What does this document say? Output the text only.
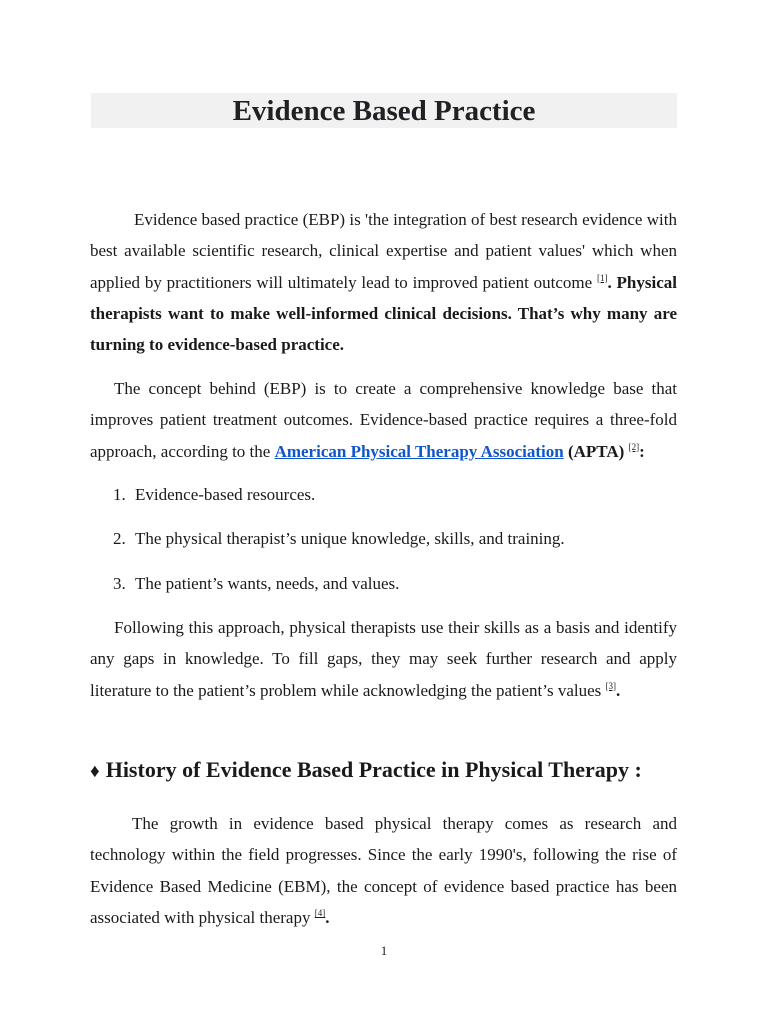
Evidence Based Practice

Evidence based practice (EBP) is 'the integration of best research evidence with best available scientific research, clinical expertise and patient values' which when applied by practitioners will ultimately lead to improved patient outcome [1]. Physical therapists want to make well-informed clinical decisions. That’s why many are turning to evidence-based practice.

The concept behind (EBP) is to create a comprehensive knowledge base that improves patient treatment outcomes. Evidence-based practice requires a three-fold approach, according to the American Physical Therapy Association (APTA) [2]:

1. Evidence-based resources.
2. The physical therapist’s unique knowledge, skills, and training.
3. The patient’s wants, needs, and values.

Following this approach, physical therapists use their skills as a basis and identify any gaps in knowledge. To fill gaps, they may seek further research and apply literature to the patient’s problem while acknowledging the patient’s values [3].

♦ History of Evidence Based Practice in Physical Therapy :

The growth in evidence based physical therapy comes as research and technology within the field progresses. Since the early 1990's, following the rise of Evidence Based Medicine (EBM), the concept of evidence based practice has been associated with physical therapy [4].

1
